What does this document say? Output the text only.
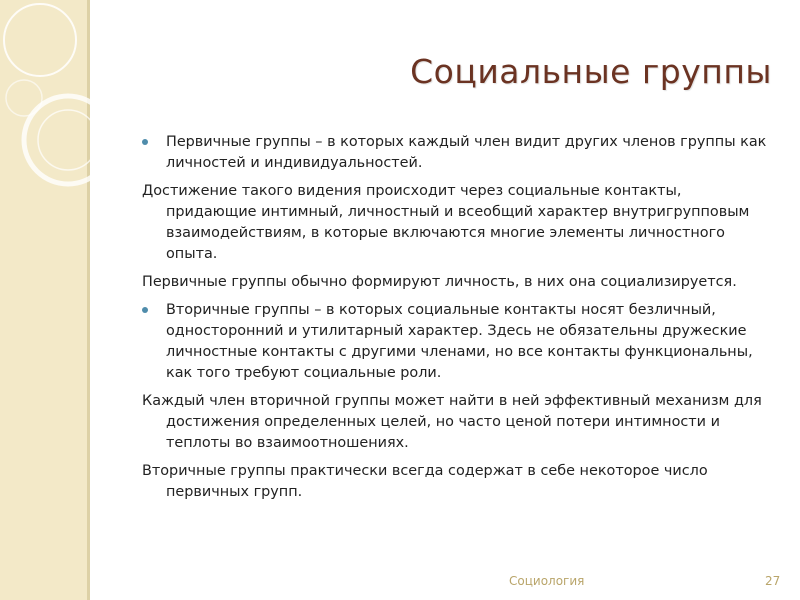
Социальные группы
Первичные группы – в которых каждый член видит других членов группы как личностей и индивидуальностей.

Достижение такого видения происходит через социальные контакты, придающие интимный, личностный и всеобщий характер внутригрупповым взаимодействиям, в которые включаются многие элементы личностного опыта.

Первичные группы обычно формируют личность, в них она социализируется.

Вторичные группы – в которых социальные контакты носят безличный, односторонний и утилитарный характер. Здесь не обязательны дружеские личностные контакты с другими членами, но все контакты функциональны, как того требуют социальные роли.

Каждый член вторичной группы может найти в ней эффективный механизм для достижения определенных целей, но часто ценой потери интимности и теплоты во взаимоотношениях.

Вторичные группы практически всегда содержат в себе некоторое число первичных групп.

Социология	27
